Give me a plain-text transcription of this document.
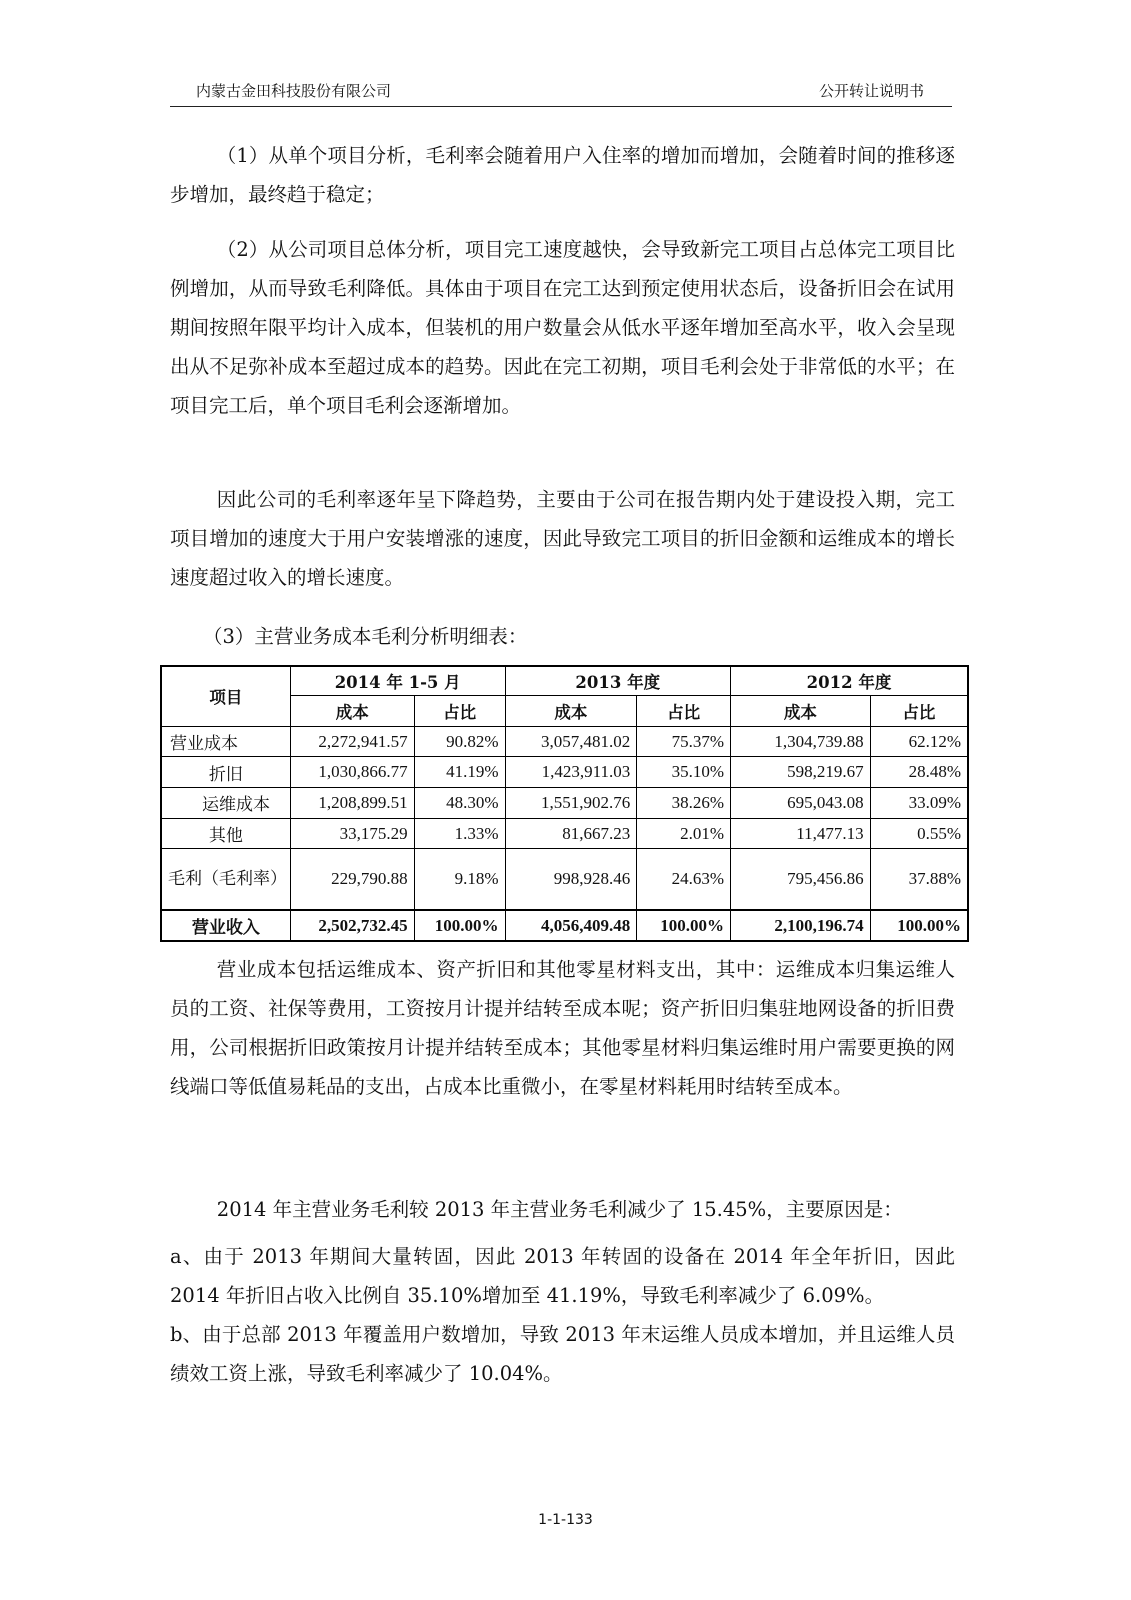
内蒙古金田科技股份有限公司	公开转让说明书

（1）从单个项目分析，毛利率会随着用户入住率的增加而增加，会随着时间的推移逐步增加，最终趋于稳定；

（2）从公司项目总体分析，项目完工速度越快，会导致新完工项目占总体完工项目比例增加，从而导致毛利降低。具体由于项目在完工达到预定使用状态后，设备折旧会在试用期间按照年限平均计入成本，但装机的用户数量会从低水平逐年增加至高水平，收入会呈现出从不足弥补成本至超过成本的趋势。因此在完工初期，项目毛利会处于非常低的水平；在项目完工后，单个项目毛利会逐渐增加。

因此公司的毛利率逐年呈下降趋势，主要由于公司在报告期内处于建设投入期，完工项目增加的速度大于用户安装增涨的速度，因此导致完工项目的折旧金额和运维成本的增长速度超过收入的增长速度。

（3）主营业务成本毛利分析明细表：
项目	2014 年 1-5 月		2013 年度		2012 年度	
	成本	占比	成本	占比	成本	占比
营业成本	2,272,941.57	90.82%	3,057,481.02	75.37%	1,304,739.88	62.12%
折旧	1,030,866.77	41.19%	1,423,911.03	35.10%	598,219.67	28.48%
运维成本	1,208,899.51	48.30%	1,551,902.76	38.26%	695,043.08	33.09%
其他	33,175.29	1.33%	81,667.23	2.01%	11,477.13	0.55%
毛利（毛利率）	229,790.88	9.18%	998,928.46	24.63%	795,456.86	37.88%
营业收入	2,502,732.45	100.00%	4,056,409.48	100.00%	2,100,196.74	100.00%

营业成本包括运维成本、资产折旧和其他零星材料支出，其中：运维成本归集运维人员的工资、社保等费用，工资按月计提并结转至成本呢；资产折旧归集驻地网设备的折旧费用，公司根据折旧政策按月计提并结转至成本；其他零星材料归集运维时用户需要更换的网线端口等低值易耗品的支出，占成本比重微小，在零星材料耗用时结转至成本。

2014 年主营业务毛利较 2013 年主营业务毛利减少了 15.45%，主要原因是：

a、由于 2013 年期间大量转固，因此 2013 年转固的设备在 2014 年全年折旧，因此 2014 年折旧占收入比例自 35.10%增加至 41.19%，导致毛利率减少了 6.09%。

b、由于总部 2013 年覆盖用户数增加，导致 2013 年末运维人员成本增加，并且运维人员绩效工资上涨，导致毛利率减少了 10.04%。

1-1-133
